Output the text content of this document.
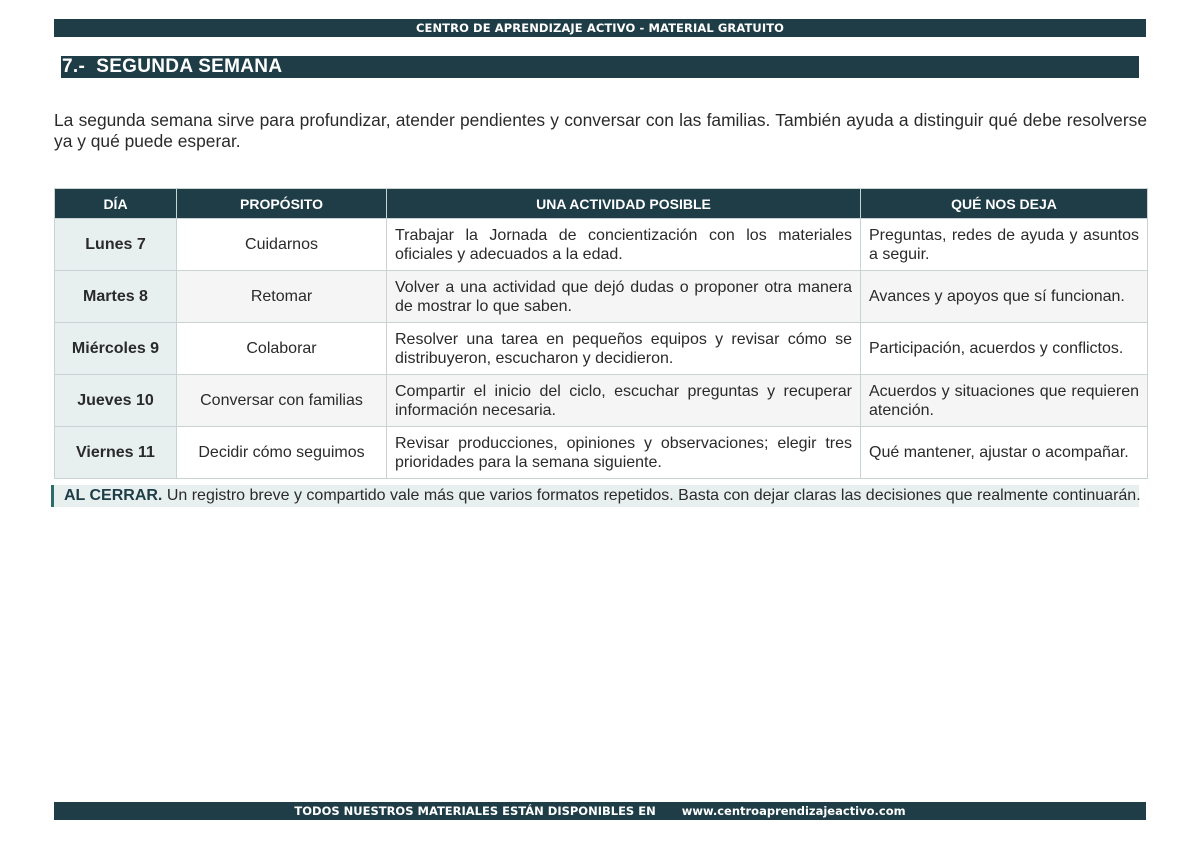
CENTRO DE APRENDIZAJE ACTIVO - MATERIAL GRATUITO
7.-  SEGUNDA SEMANA

La segunda semana sirve para profundizar, atender pendientes y conversar con las familias. También ayuda a distinguir qué debe resolverse ya y qué puede esperar.

DÍA	PROPÓSITO	UNA ACTIVIDAD POSIBLE	QUÉ NOS DEJA
Lunes 7	Cuidarnos	Trabajar la Jornada de concientización con los materiales oficiales y adecuados a la edad.	Preguntas, redes de ayuda y asuntos a seguir.
Martes 8	Retomar	Volver a una actividad que dejó dudas o proponer otra manera de mostrar lo que saben.	Avances y apoyos que sí funcionan.
Miércoles 9	Colaborar	Resolver una tarea en pequeños equipos y revisar cómo se distribuyeron, escucharon y decidieron.	Participación, acuerdos y conflictos.
Jueves 10	Conversar con familias	Compartir el inicio del ciclo, escuchar preguntas y recuperar información necesaria.	Acuerdos y situaciones que requieren atención.
Viernes 11	Decidir cómo seguimos	Revisar producciones, opiniones y observaciones; elegir tres prioridades para la semana siguiente.	Qué mantener, ajustar o acompañar.
AL CERRAR. Un registro breve y compartido vale más que varios formatos repetidos. Basta con dejar claras las decisiones que realmente continuarán.
TODOS NUESTROS MATERIALES ESTÁN DISPONIBLES EN www.centroaprendizajeactivo.com
